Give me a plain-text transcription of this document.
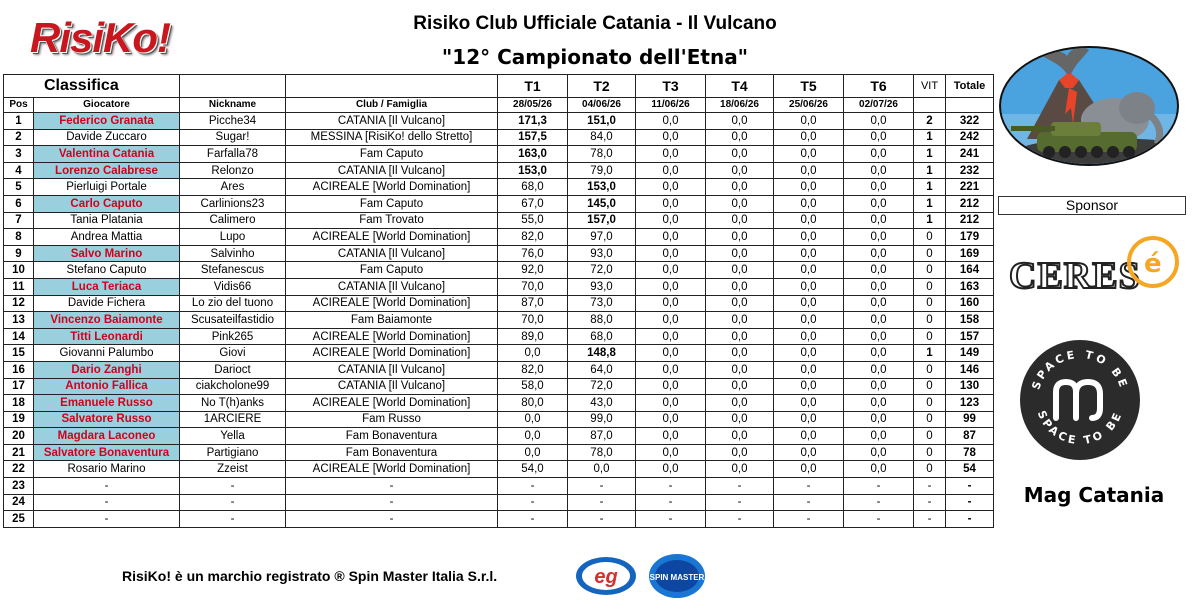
RisiKo!	Risiko Club Ufficiale Catania - Il Vulcano
"12° Campionato dell'Etna"
Classifica				T1	T2	T3	T4	T5	T6	VIT	Totale
Pos	Giocatore	Nickname	Club / Famiglia	28/05/26	04/06/26	11/06/26	18/06/26	25/06/26	02/07/26		
1	Federico Granata	Picche34	CATANIA [Il Vulcano]	171,3	151,0	0,0	0,0	0,0	0,0	2	322
2	Davide Zuccaro	Sugar!	MESSINA [RisiKo! dello Stretto]	157,5	84,0	0,0	0,0	0,0	0,0	1	242
3	Valentina Catania	Farfalla78	Fam Caputo	163,0	78,0	0,0	0,0	0,0	0,0	1	241
4	Lorenzo Calabrese	Relonzo	CATANIA [Il Vulcano]	153,0	79,0	0,0	0,0	0,0	0,0	1	232
5	Pierluigi Portale	Ares	ACIREALE [World Domination]	68,0	153,0	0,0	0,0	0,0	0,0	1	221
6	Carlo Caputo	Carlinions23	Fam Caputo	67,0	145,0	0,0	0,0	0,0	0,0	1	212
7	Tania Platania	Calimero	Fam Trovato	55,0	157,0	0,0	0,0	0,0	0,0	1	212
8	Andrea Mattia	Lupo	ACIREALE [World Domination]	82,0	97,0	0,0	0,0	0,0	0,0	0	179
9	Salvo Marino	Salvinho	CATANIA [Il Vulcano]	76,0	93,0	0,0	0,0	0,0	0,0	0	169
10	Stefano Caputo	Stefanescus	Fam Caputo	92,0	72,0	0,0	0,0	0,0	0,0	0	164
11	Luca Teriaca	Vidis66	CATANIA [Il Vulcano]	70,0	93,0	0,0	0,0	0,0	0,0	0	163
12	Davide Fichera	Lo zio del tuono	ACIREALE [World Domination]	87,0	73,0	0,0	0,0	0,0	0,0	0	160
13	Vincenzo Baiamonte	Scusateilfastidio	Fam Baiamonte	70,0	88,0	0,0	0,0	0,0	0,0	0	158
14	Titti Leonardi	Pink265	ACIREALE [World Domination]	89,0	68,0	0,0	0,0	0,0	0,0	0	157
15	Giovanni Palumbo	Giovi	ACIREALE [World Domination]	0,0	148,8	0,0	0,0	0,0	0,0	1	149
16	Dario Zanghi	Darioct	CATANIA [Il Vulcano]	82,0	64,0	0,0	0,0	0,0	0,0	0	146
17	Antonio Fallica	ciakcholone99	CATANIA [Il Vulcano]	58,0	72,0	0,0	0,0	0,0	0,0	0	130
18	Emanuele Russo	No T(h)anks	ACIREALE [World Domination]	80,0	43,0	0,0	0,0	0,0	0,0	0	123
19	Salvatore Russo	1ARCIERE	Fam Russo	0,0	99,0	0,0	0,0	0,0	0,0	0	99
20	Magdara Laconeo	Yella	Fam Bonaventura	0,0	87,0	0,0	0,0	0,0	0,0	0	87
21	Salvatore Bonaventura	Partigiano	Fam Bonaventura	0,0	78,0	0,0	0,0	0,0	0,0	0	78
22	Rosario Marino	Zzeist	ACIREALE [World Domination]	54,0	0,0	0,0	0,0	0,0	0,0	0	54
23	-	-	-	-	-	-	-	-	-	-	-
24	-	-	-	-	-	-	-	-	-	-	-
25	-	-	-	-	-	-	-	-	-	-	-
Sponsor
CERES é
SPACE TO BE
SPACE TO BE
Mag Catania
RisiKo! è un marchio registrato ® Spin Master Italia S.r.l.	eg	SPIN MASTER
